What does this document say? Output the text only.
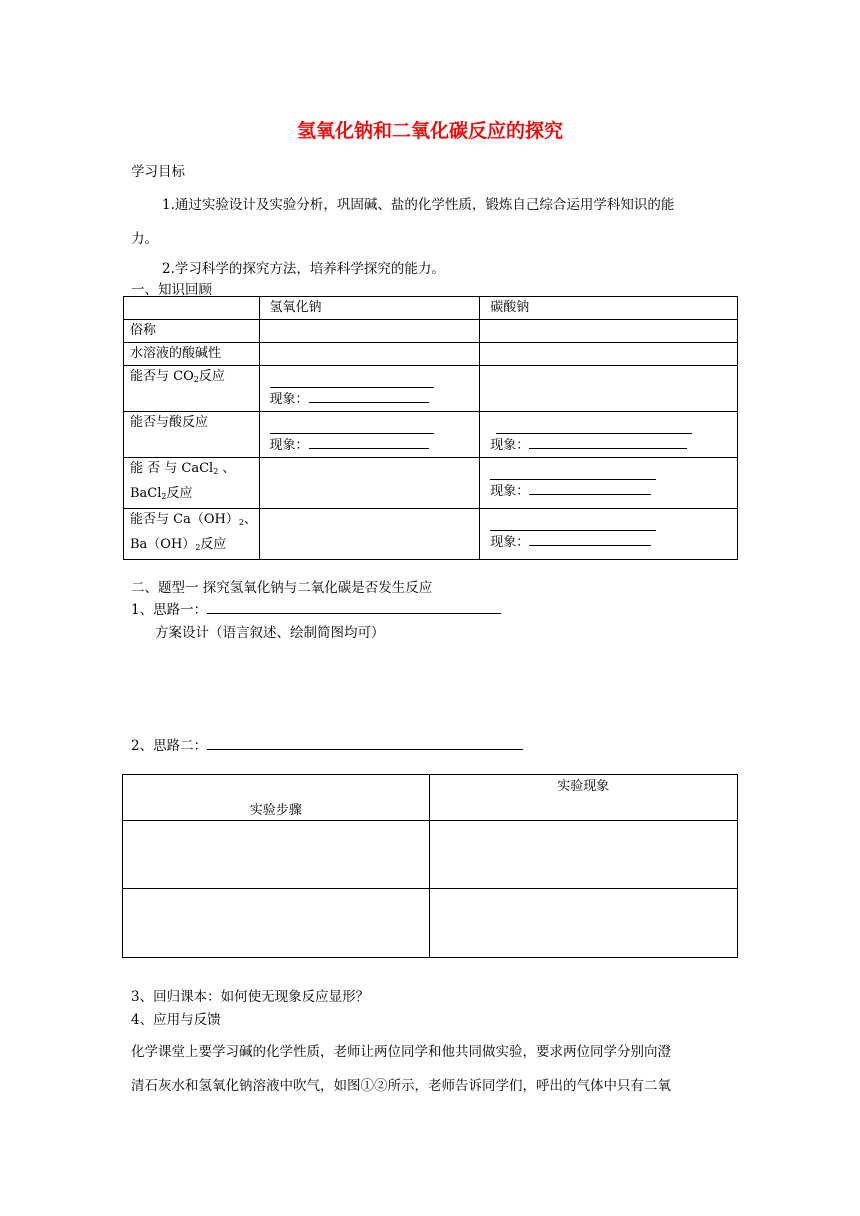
氢氧化钠和二氧化碳反应的探究
学习目标
1.通过实验设计及实验分析，巩固碱、盐的化学性质，锻炼自己综合运用学科知识的能
力。
2.学习科学的探究方法，培养科学探究的能力。
一、知识回顾
	氢氧化钠	碳酸钠
俗称		
水溶液的酸碱性		
能否与 $CO_2$反应	现象：	

能否与酸反应	现象：	现象：

能 否 与 CaCl$_2$ 、
BaCl$_2$反应		现象：

能否与 $Ca(OH)_2$、
$Ba(OH)_2$反应		现象：
二、题型一 探究氢氧化钠与二氧化碳是否发生反应
1、思路一：
方案设计（语言叙述、绘制简图均可）
2、思路二：
实验步骤	实验现象

3、回归课本：如何使无现象反应显形？
4、应用与反馈
化学课堂上要学习碱的化学性质，老师让两位同学和他共同做实验，要求两位同学分别向澄
清石灰水和氢氧化钠溶液中吹气，如图①②所示，老师告诉同学们，呼出的气体中只有二氧
